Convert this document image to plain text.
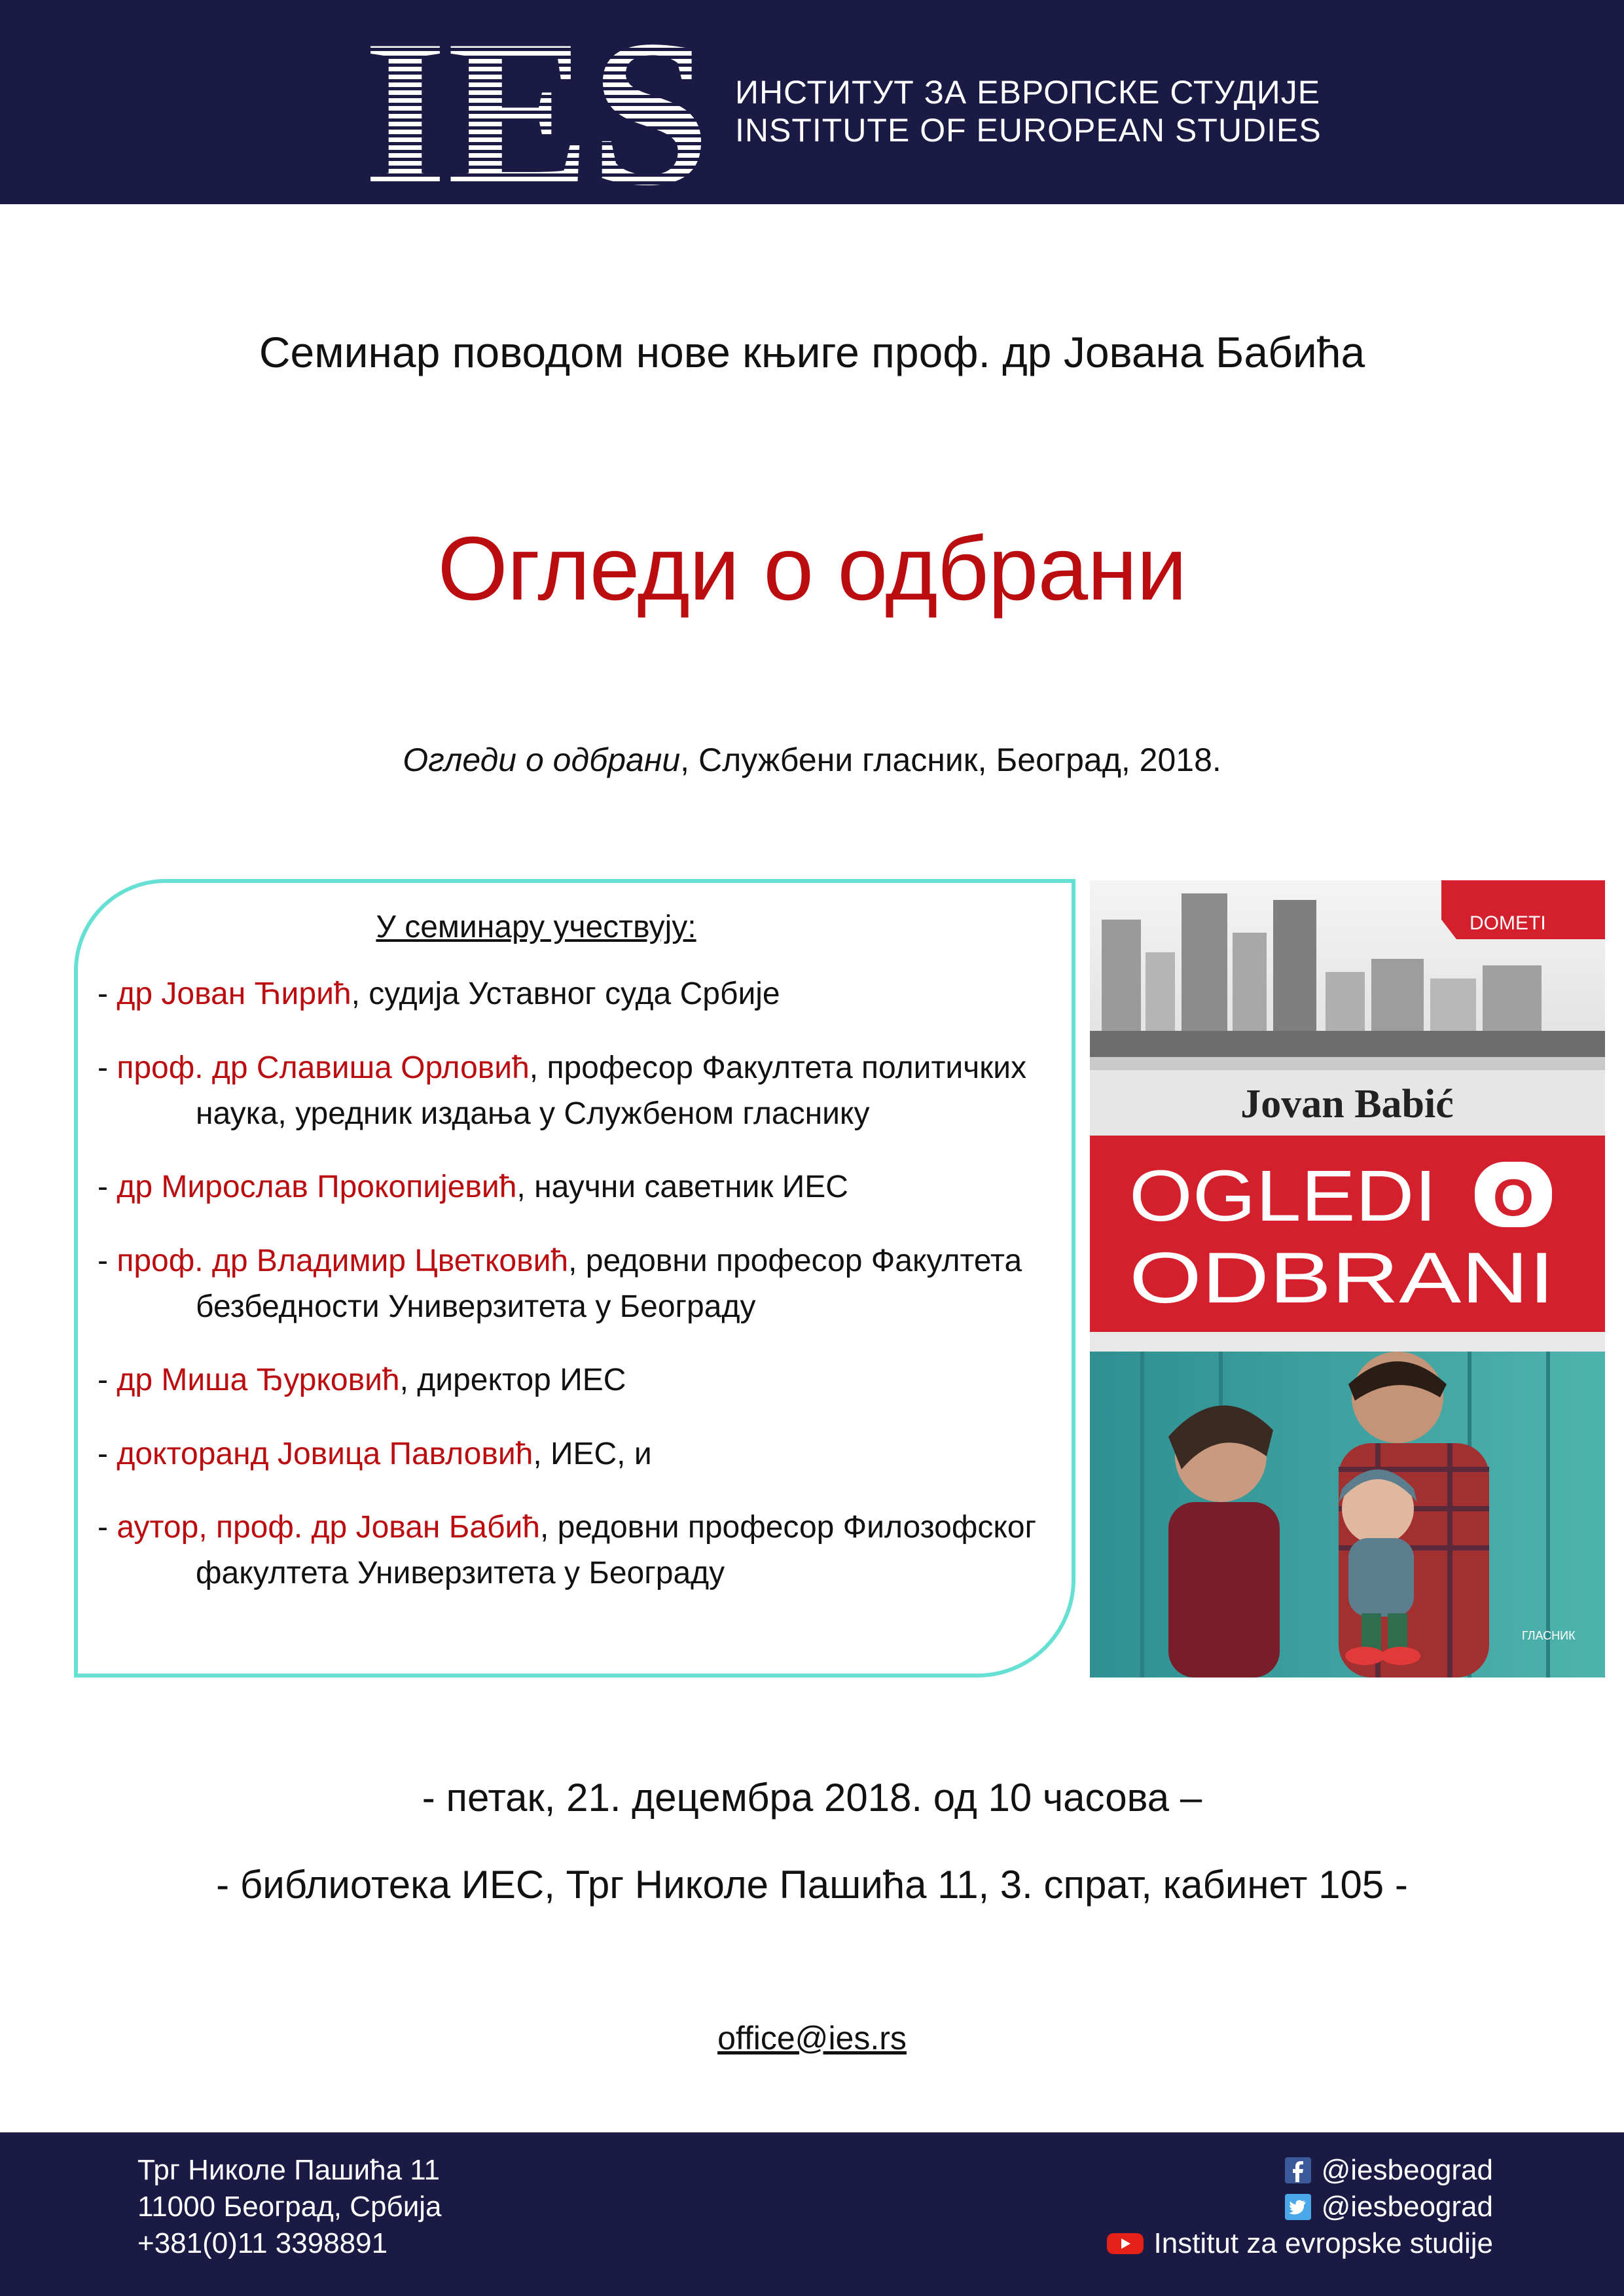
IES ИНСТИТУТ ЗА ЕВРОПСКЕ СТУДИЈЕ
INSTITUTE OF EUROPEAN STUDIES
Семинар поводом нове књиге проф. др Јована Бабића
Огледи о одбрани
Огледи о одбрани, Службени гласник, Београд, 2018.
У семинару учествују:
- др Јован Ћирић, судија Уставног суда Србије
- проф. др Славиша Орловић, професор Факултета политичких
наука, уредник издања у Службеном гласнику
- др Мирослав Прокопијевић, научни саветник ИЕС
- проф. др Владимир Цветковић, редовни професор Факултета
безбедности Универзитета у Београду
- др Миша Ђурковић, директор ИЕС
- докторанд Јовица Павловић, ИЕС, и
- аутор, проф. др Јован Бабић, редовни професор Филозофског
факултета Универзитета у Београду
DOMETI
Jovan Babić
OGLEDI O
ODBRANI
ГЛАСНИК
- петак, 21. децембра 2018. од 10 часова –
- библиотека ИЕС, Трг Николе Пашића 11, 3. спрат, кабинет 105 -
office@ies.rs
Трг Николе Пашића 11
11000 Београд, Србија
+381(0)11 3398891
@iesbeograd
@iesbeograd
Institut za evropske studije
